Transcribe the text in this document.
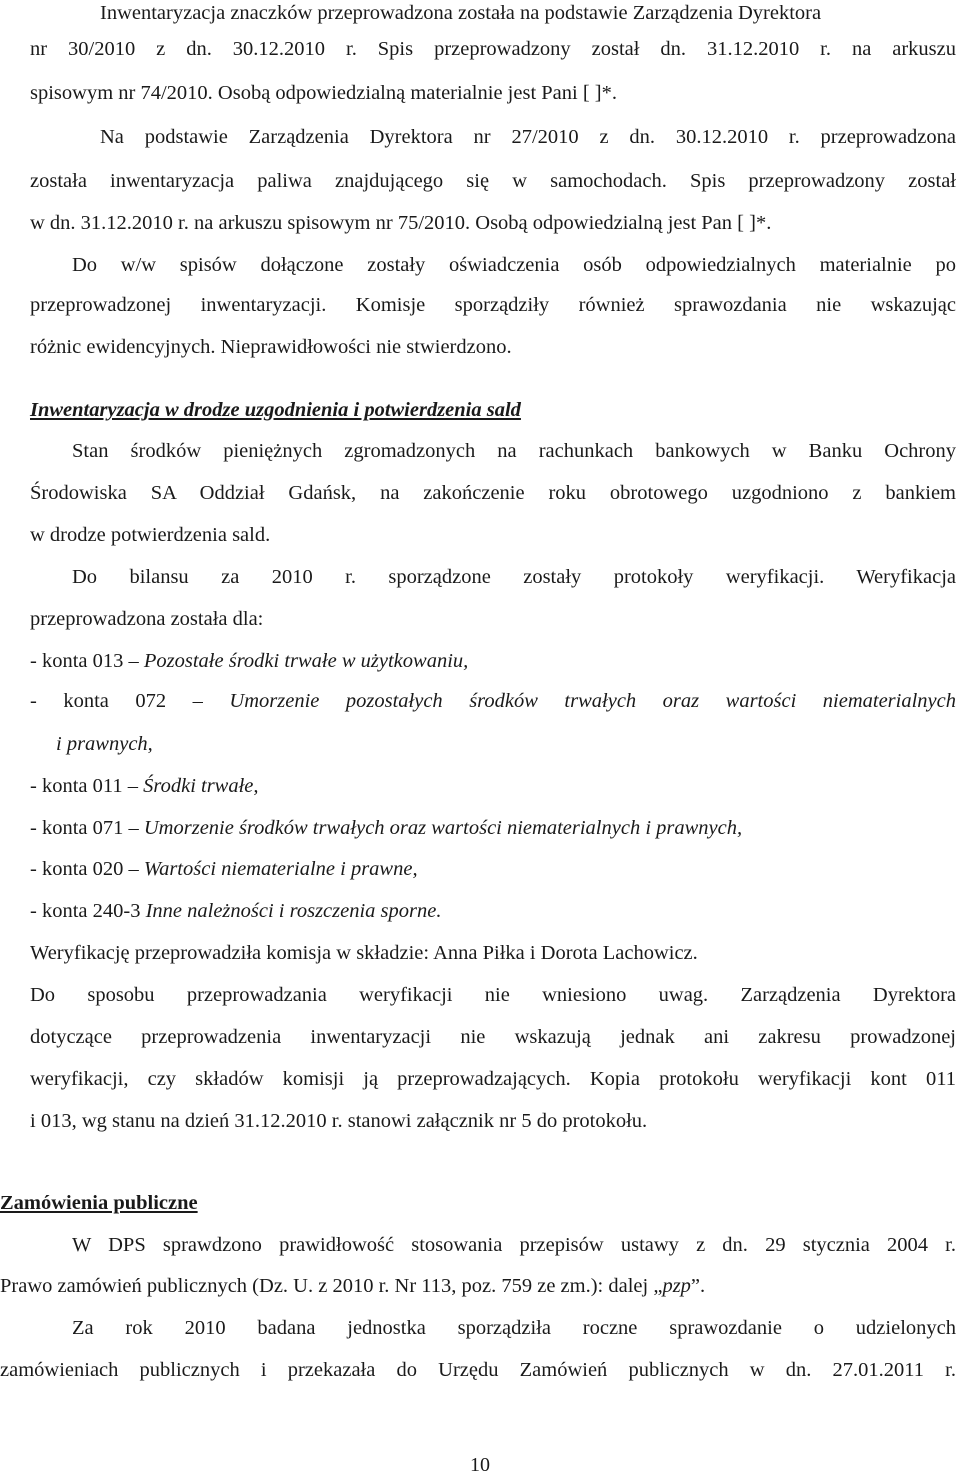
Inwentaryzacja znaczków przeprowadzona została na podstawie Zarządzenia Dyrektora
nr 30/2010 z dn. 30.12.2010 r. Spis przeprowadzony został dn. 31.12.2010 r. na arkuszu
spisowym nr 74/2010. Osobą odpowiedzialną materialnie jest Pani [ ]*.
Na podstawie Zarządzenia Dyrektora nr 27/2010 z dn. 30.12.2010 r. przeprowadzona
została inwentaryzacja paliwa znajdującego się w samochodach. Spis przeprowadzony został
w dn. 31.12.2010 r. na arkuszu spisowym nr 75/2010. Osobą odpowiedzialną jest Pan [ ]*.
Do w/w spisów dołączone zostały oświadczenia osób odpowiedzialnych materialnie po
przeprowadzonej inwentaryzacji. Komisje sporządziły również sprawozdania nie wskazując
różnic ewidencyjnych. Nieprawidłowości nie stwierdzono.
Inwentaryzacja w drodze uzgodnienia i potwierdzenia sald
Stan środków pieniężnych zgromadzonych na rachunkach bankowych w Banku Ochrony
Środowiska SA Oddział Gdańsk, na zakończenie roku obrotowego uzgodniono z bankiem
w drodze potwierdzenia sald.
Do bilansu za 2010 r. sporządzone zostały protokoły weryfikacji. Weryfikacja
przeprowadzona została dla:
- konta 013 – Pozostałe środki trwałe w użytkowaniu,
- konta 072 – Umorzenie pozostałych środków trwałych oraz wartości niematerialnych
i prawnych,
- konta 011 – Środki trwałe,
- konta 071 – Umorzenie środków trwałych oraz wartości niematerialnych i prawnych,
- konta 020 – Wartości niematerialne i prawne,
- konta 240-3 Inne należności i roszczenia sporne.
Weryfikację przeprowadziła komisja w składzie: Anna Piłka i Dorota Lachowicz.
Do sposobu przeprowadzania weryfikacji nie wniesiono uwag. Zarządzenia Dyrektora
dotyczące przeprowadzenia inwentaryzacji nie wskazują jednak ani zakresu prowadzonej
weryfikacji, czy składów komisji ją przeprowadzających. Kopia protokołu weryfikacji kont 011
i 013, wg stanu na dzień 31.12.2010 r. stanowi załącznik nr 5 do protokołu.
Zamówienia publiczne
W DPS sprawdzono prawidłowość stosowania przepisów ustawy z dn. 29 stycznia 2004 r.
Prawo zamówień publicznych (Dz. U. z 2010 r. Nr 113, poz. 759 ze zm.): dalej „pzp”.
Za rok 2010 badana jednostka sporządziła roczne sprawozdanie o udzielonych
zamówieniach publicznych i przekazała do Urzędu Zamówień publicznych w dn. 27.01.2011 r.
10
